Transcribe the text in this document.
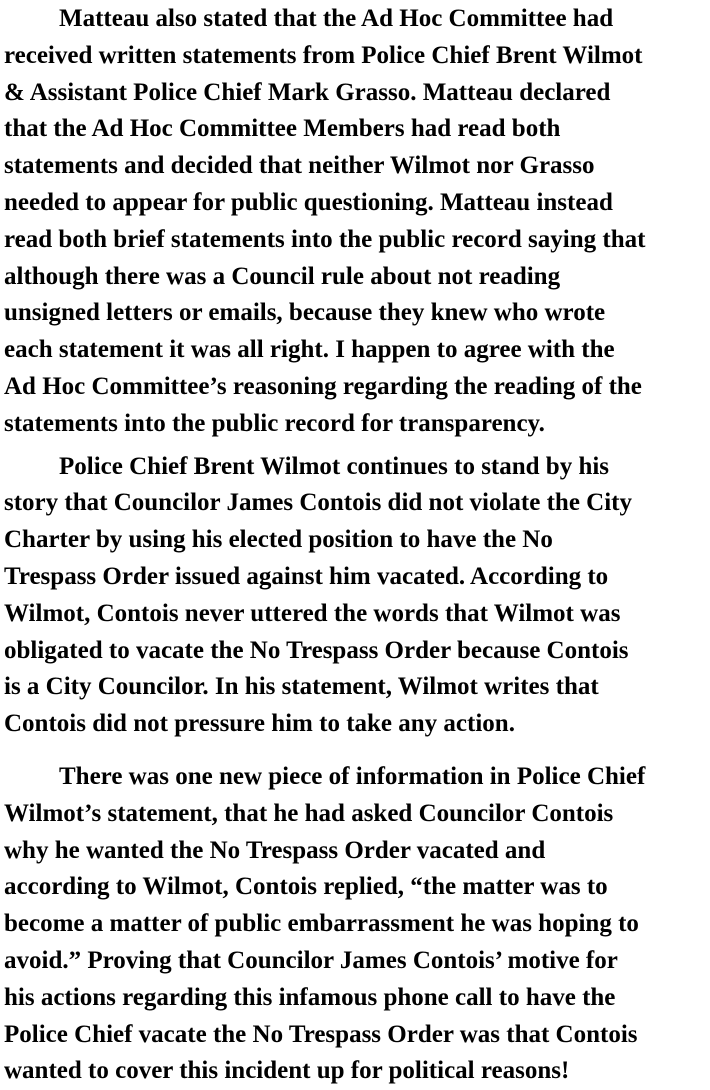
Matteau also stated that the Ad Hoc Committee had
received written statements from Police Chief Brent Wilmot
& Assistant Police Chief Mark Grasso. Matteau declared
that the Ad Hoc Committee Members had read both
statements and decided that neither Wilmot nor Grasso
needed to appear for public questioning. Matteau instead
read both brief statements into the public record saying that
although there was a Council rule about not reading
unsigned letters or emails, because they knew who wrote
each statement it was all right. I happen to agree with the
Ad Hoc Committee’s reasoning regarding the reading of the
statements into the public record for transparency.
Police Chief Brent Wilmot continues to stand by his
story that Councilor James Contois did not violate the City
Charter by using his elected position to have the No
Trespass Order issued against him vacated. According to
Wilmot, Contois never uttered the words that Wilmot was
obligated to vacate the No Trespass Order because Contois
is a City Councilor. In his statement, Wilmot writes that
Contois did not pressure him to take any action.
There was one new piece of information in Police Chief
Wilmot’s statement, that he had asked Councilor Contois
why he wanted the No Trespass Order vacated and
according to Wilmot, Contois replied, “the matter was to
become a matter of public embarrassment he was hoping to
avoid.” Proving that Councilor James Contois’ motive for
his actions regarding this infamous phone call to have the
Police Chief vacate the No Trespass Order was that Contois
wanted to cover this incident up for political reasons!
